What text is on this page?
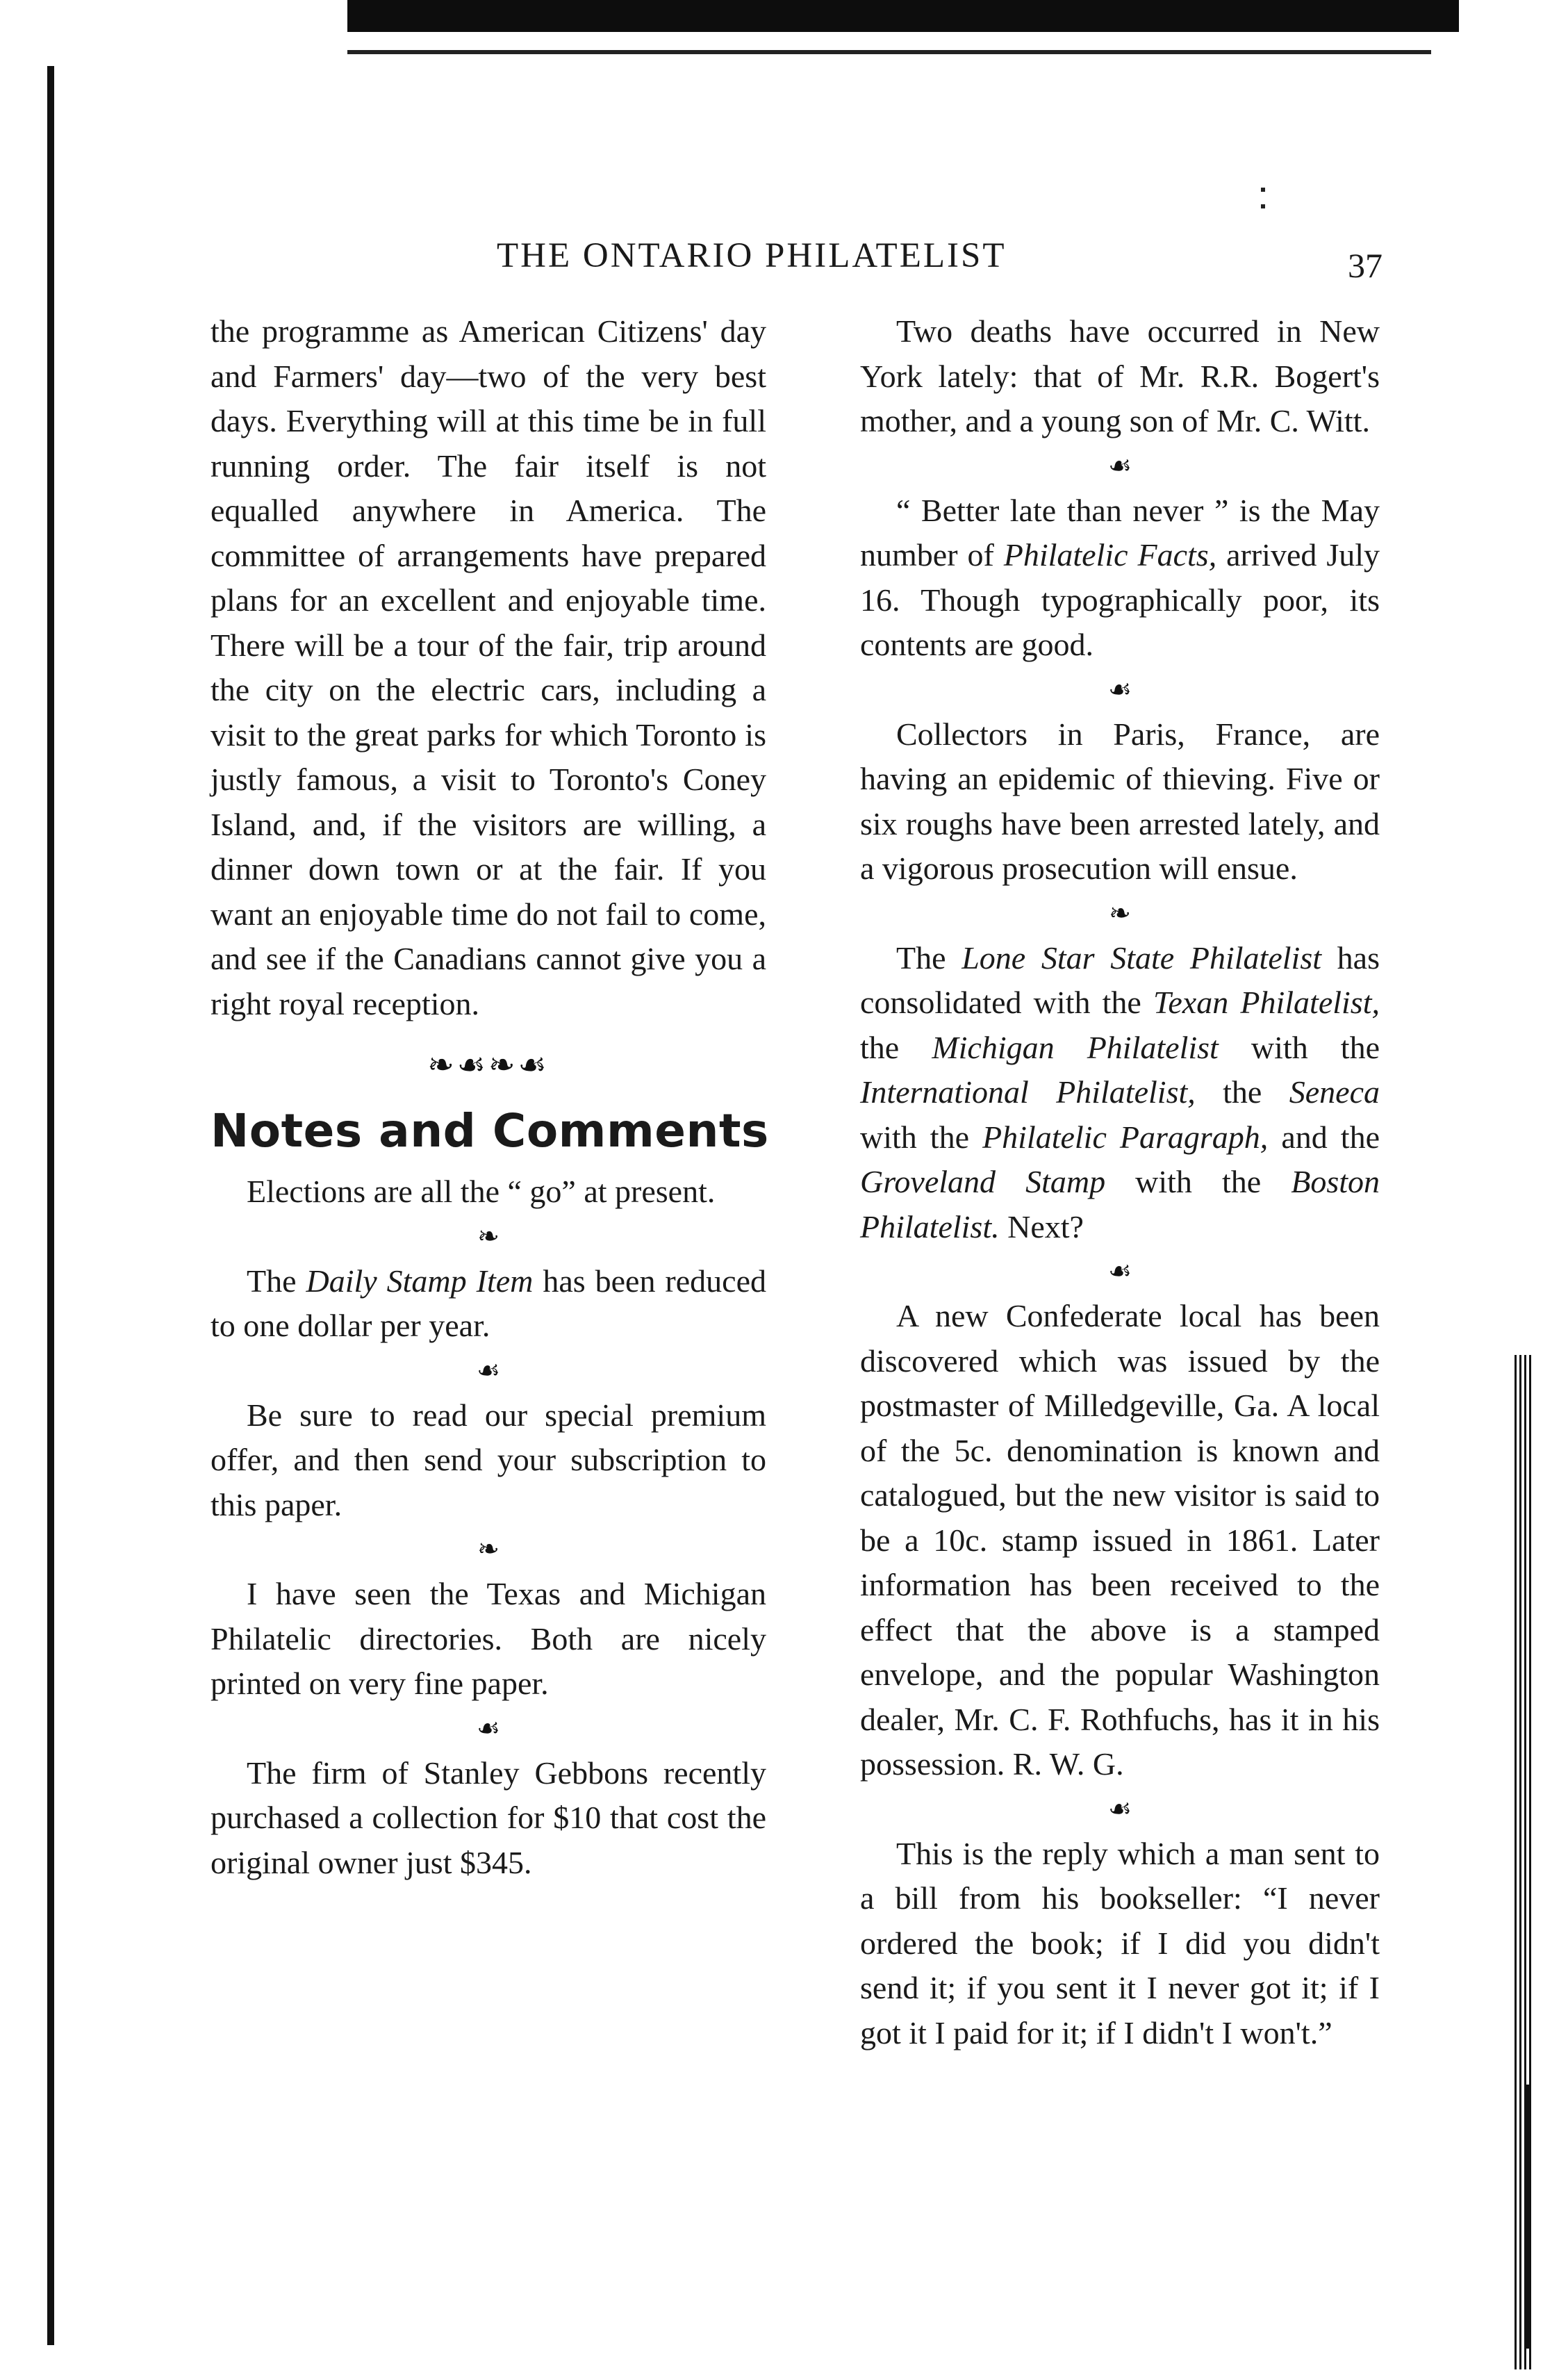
THE ONTARIO PHILATELIST	37

the programme as American Citizens' day and Farmers' day—two of the very best days. Everything will at this time be in full running order. The fair itself is not equalled anywhere in America. The committee of arrangements have prepared plans for an excellent and enjoyable time. There will be a tour of the fair, trip around the city on the electric cars, including a visit to the great parks for which Toronto is justly famous, a visit to Toronto's Coney Island, and, if the visitors are willing, a dinner down town or at the fair. If you want an enjoyable time do not fail to come, and see if the Canadians cannot give you a right royal reception.

❧☙❧☙
Notes and Comments

Elections are all the “ go” at present.

❧

The Daily Stamp Item has been reduced to one dollar per year.

☙

Be sure to read our special premium offer, and then send your subscription to this paper.

❧

I have seen the Texas and Michigan Philatelic directories. Both are nicely printed on very fine paper.

☙

The firm of Stanley Gebbons recently purchased a collection for $10 that cost the original owner just $345.

Two deaths have occurred in New York lately: that of Mr. R.R. Bogert's mother, and a young son of Mr. C. Witt.

☙

“ Better late than never ” is the May number of Philatelic Facts, arrived July 16. Though typographically poor, its contents are good.

☙

Collectors in Paris, France, are having an epidemic of thieving. Five or six roughs have been arrested lately, and a vigorous prosecution will ensue.

❧

The Lone Star State Philatelist has consolidated with the Texan Philatelist, the Michigan Philatelist with the International Philatelist, the Seneca with the Philatelic Paragraph, and the Groveland Stamp with the Boston Philatelist. Next?

☙

A new Confederate local has been discovered which was issued by the postmaster of Milledgeville, Ga. A local of the 5c. denomination is known and catalogued, but the new visitor is said to be a 10c. stamp issued in 1861. Later information has been received to the effect that the above is a stamped envelope, and the popular Washington dealer, Mr. C. F. Rothfuchs, has it in his possession. R. W. G.

☙

This is the reply which a man sent to a bill from his bookseller: “I never ordered the book; if I did you didn't send it; if you sent it I never got it; if I got it I paid for it; if I didn't I won't.”
